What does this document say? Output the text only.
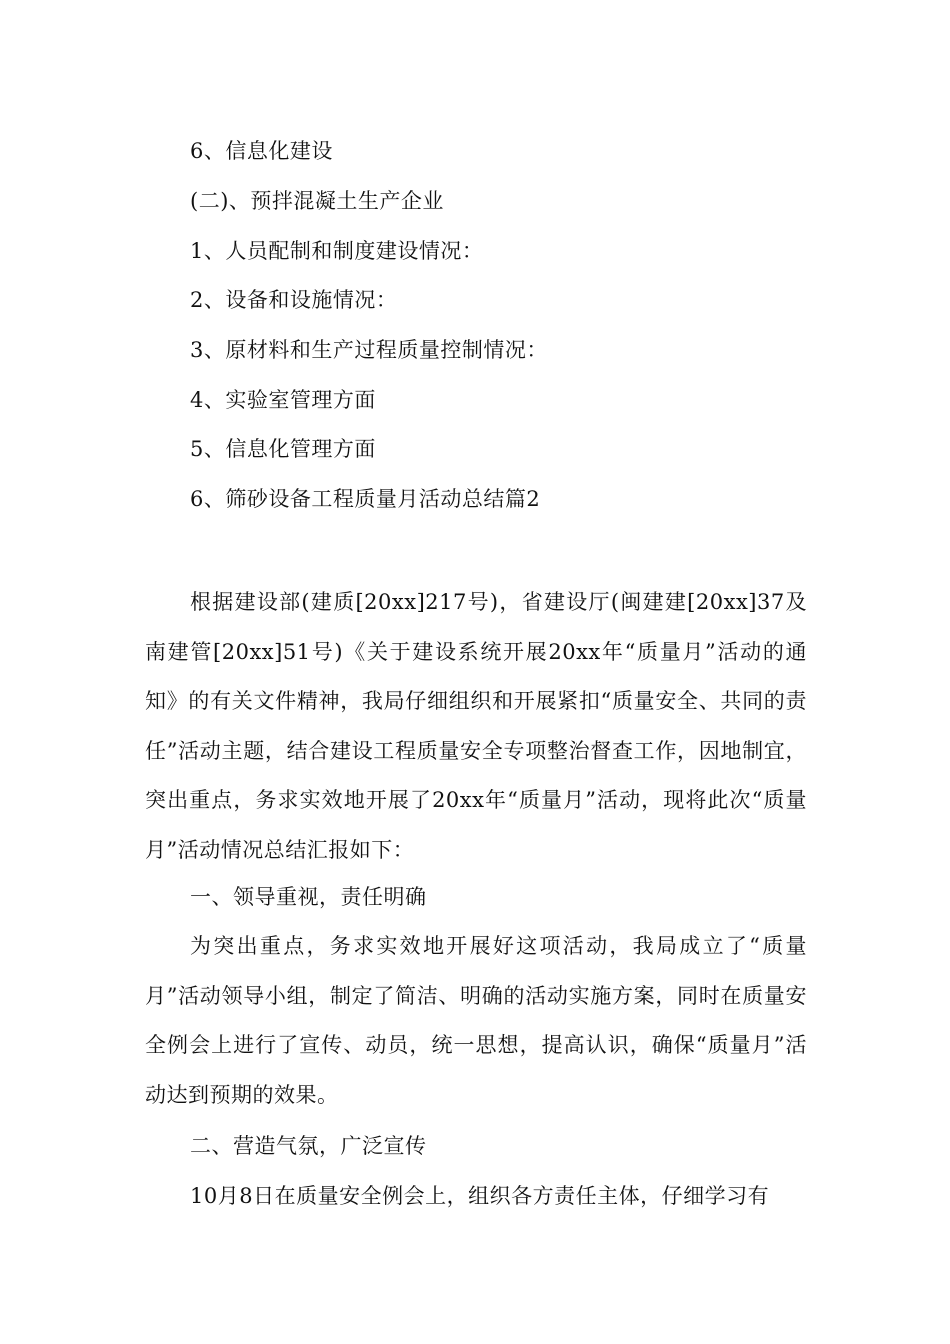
6、信息化建设
(二)、预拌混凝土生产企业
1、人员配制和制度建设情况：
2、设备和设施情况：
3、原材料和生产过程质量控制情况：
4、实验室管理方面
5、信息化管理方面
6、筛砂设备工程质量月活动总结篇2
根据建设部(建质[20xx]217号)，省建设厅(闽建建[20xx]37及南建管[20xx]51号)《关于建设系统开展20xx年“质量月”活动的通知》的有关文件精神，我局仔细组织和开展紧扣“质量安全、共同的责任”活动主题，结合建设工程质量安全专项整治督查工作，因地制宜，突出重点，务求实效地开展了20xx年“质量月”活动，现将此次“质量月”活动情况总结汇报如下：
一、领导重视，责任明确
为突出重点，务求实效地开展好这项活动，我局成立了“质量月”活动领导小组，制定了简洁、明确的活动实施方案，同时在质量安全例会上进行了宣传、动员，统一思想，提高认识，确保“质量月”活动达到预期的效果。
二、营造气氛，广泛宣传
10月8日在质量安全例会上，组织各方责任主体，仔细学习有
